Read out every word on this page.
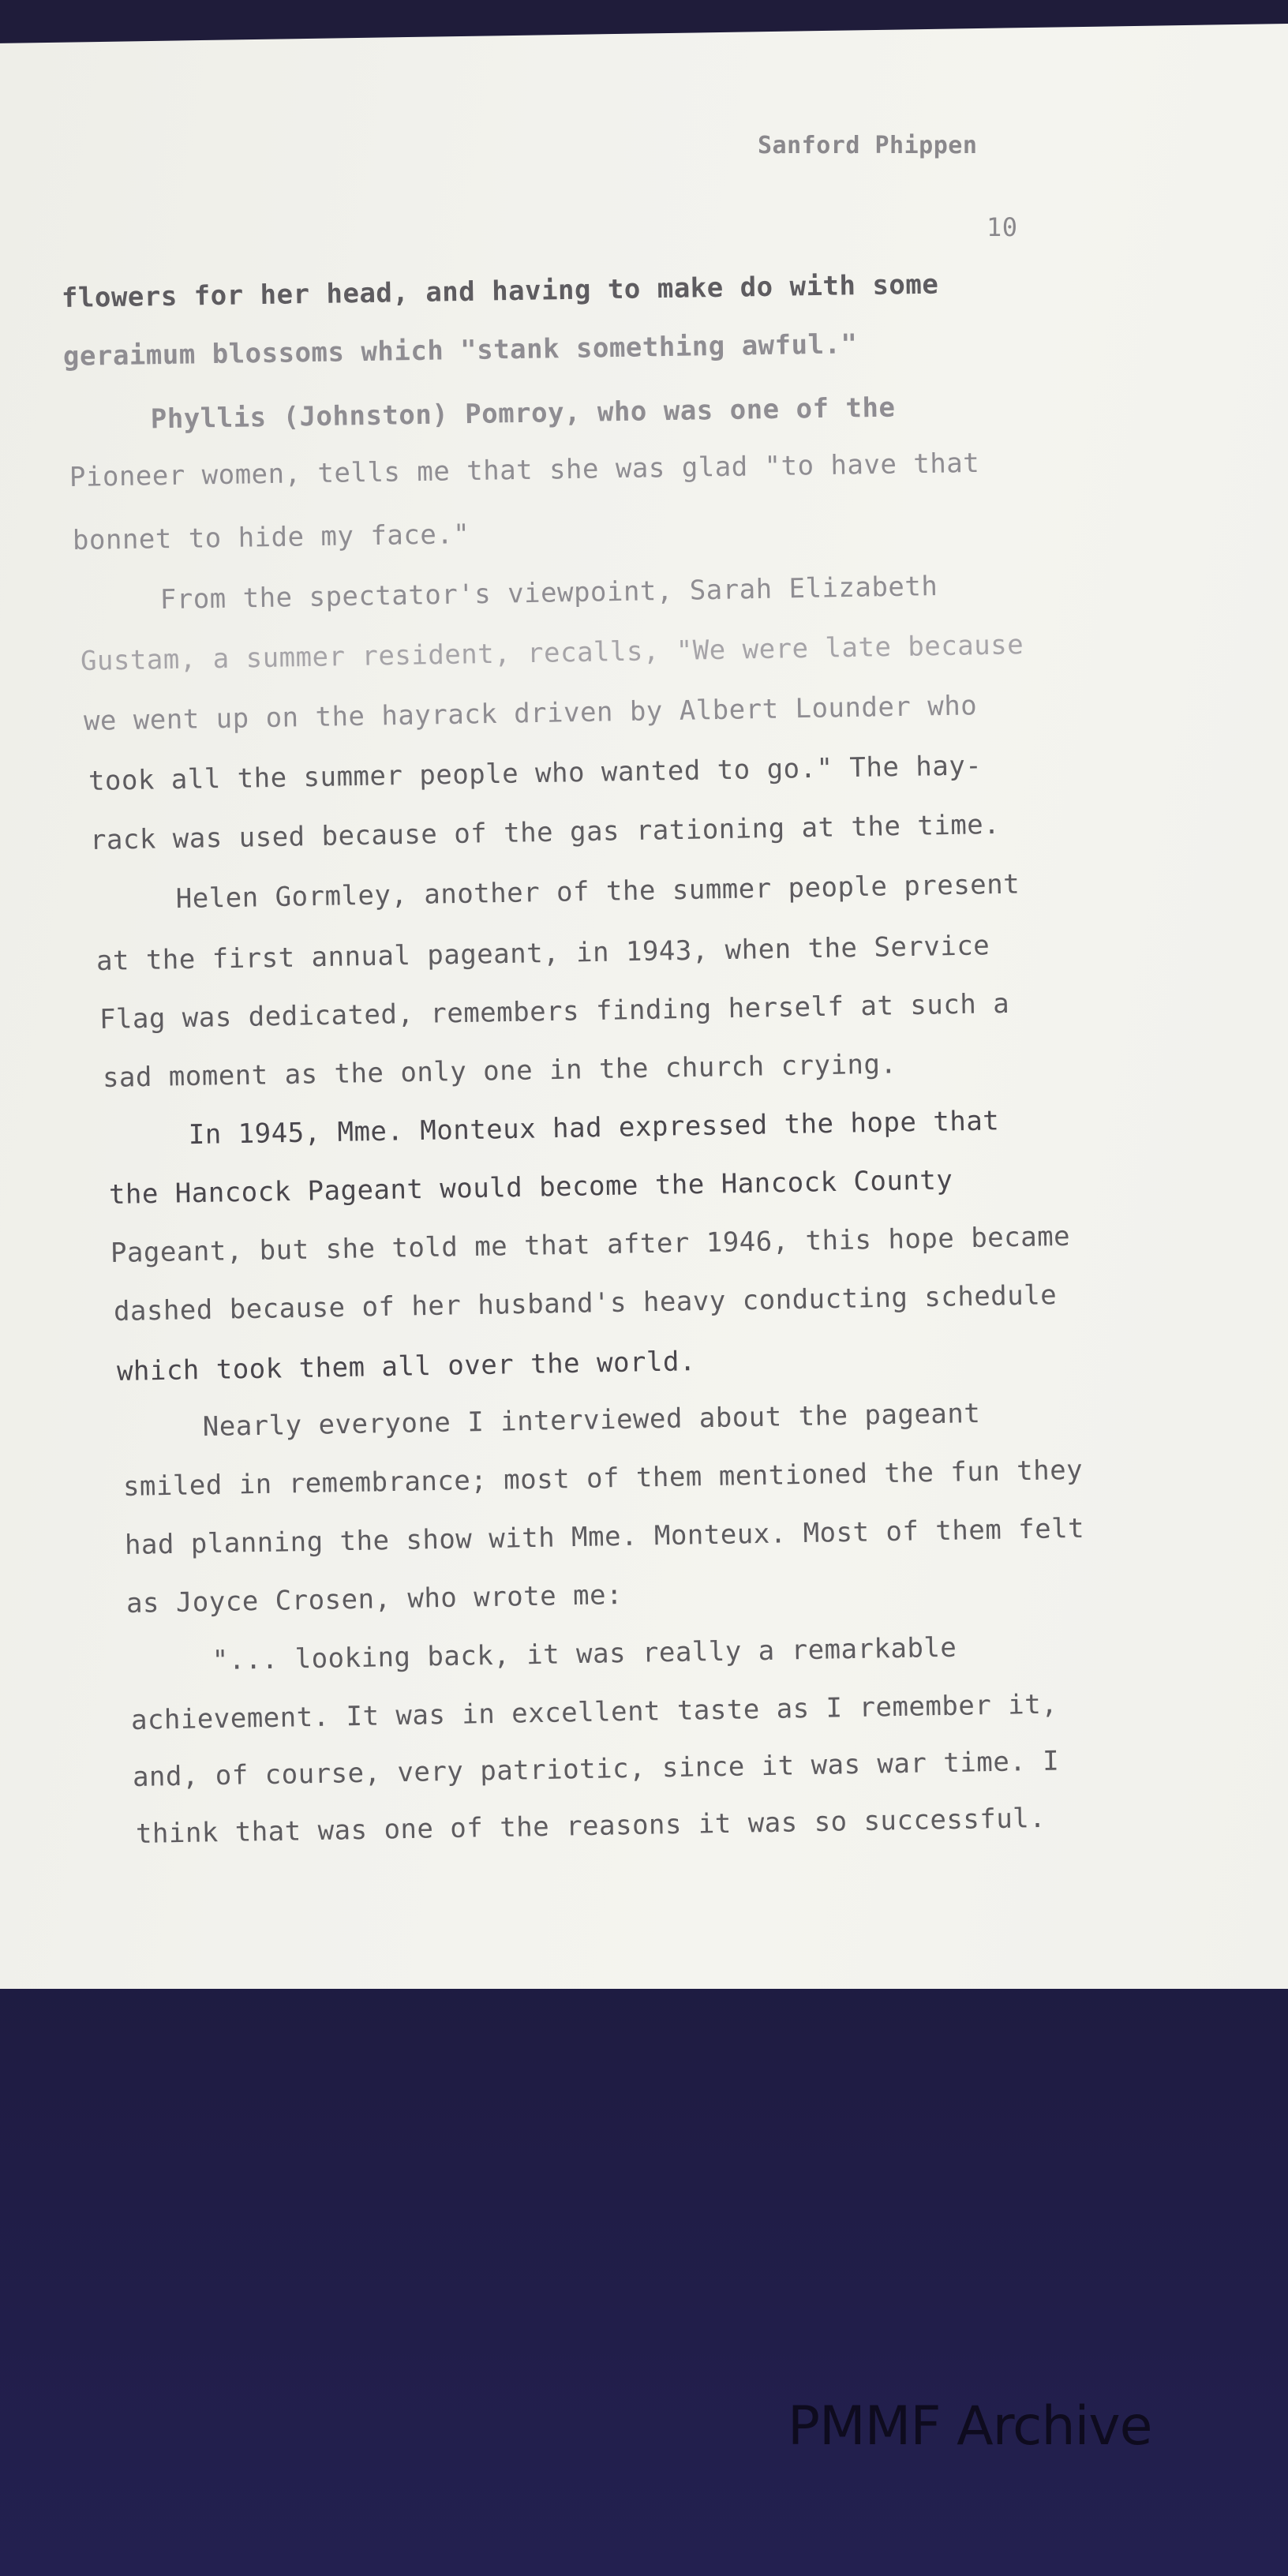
Sanford Phippen
10
flowers for her head, and having to make do with some
geraimum blossoms which "stank something awful."
Phyllis (Johnston) Pomroy, who was one of the
Pioneer women, tells me that she was glad "to have that
bonnet to hide my face."
From the spectator's viewpoint, Sarah Elizabeth
Gustam, a summer resident, recalls, "We were late because
we went up on the hayrack driven by Albert Lounder who
took all the summer people who wanted to go." The hay-
rack was used because of the gas rationing at the time.
Helen Gormley, another of the summer people present
at the first annual pageant, in 1943, when the Service
Flag was dedicated, remembers finding herself at such a
sad moment as the only one in the church crying.
In 1945, Mme. Monteux had expressed the hope that
the Hancock Pageant would become the Hancock County
Pageant, but she told me that after 1946, this hope became
dashed because of her husband's heavy conducting schedule
which took them all over the world.
Nearly everyone I interviewed about the pageant
smiled in remembrance; most of them mentioned the fun they
had planning the show with Mme. Monteux. Most of them felt
as Joyce Crosen, who wrote me:
"... looking back, it was really a remarkable
achievement. It was in excellent taste as I remember it,
and, of course, very patriotic, since it was war time. I
think that was one of the reasons it was so successful.
PMMF Archive
